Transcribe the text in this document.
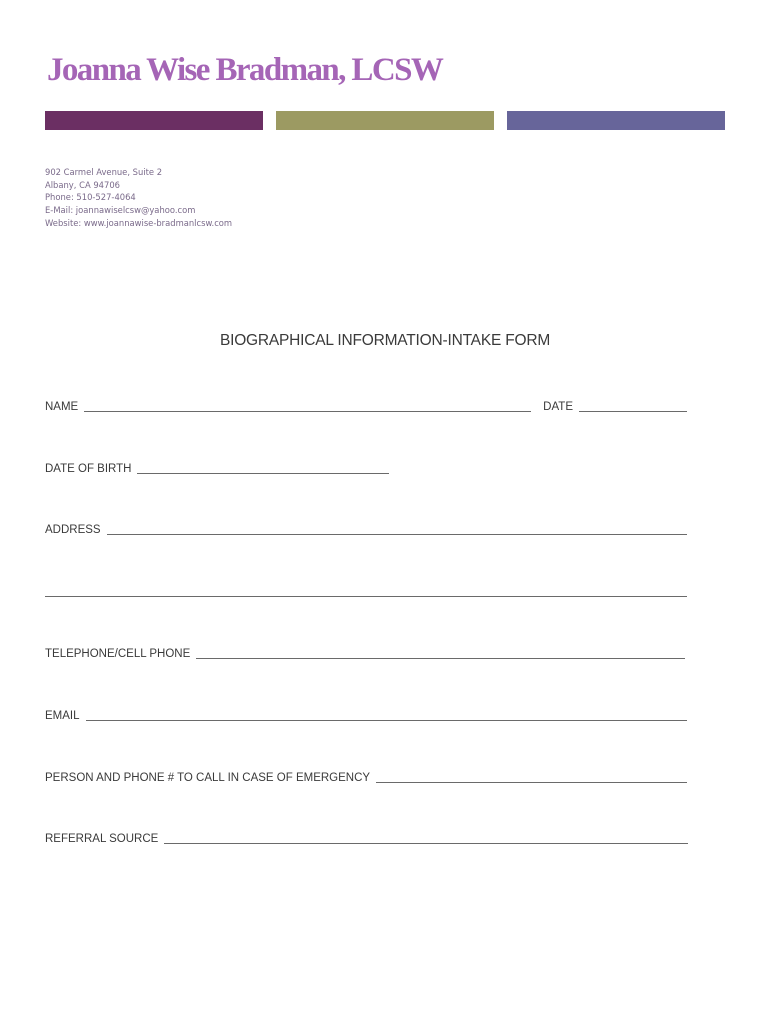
Joanna Wise Bradman, LCSW
902 Carmel Avenue, Suite 2
Albany, CA 94706
Phone: 510-527-4064
E-Mail: joannawiselcsw@yahoo.com
Website: www.joannawise-bradmanlcsw.com
BIOGRAPHICAL INFORMATION-INTAKE FORM
NAME	DATE
DATE OF BIRTH
ADDRESS
TELEPHONE/CELL PHONE
EMAIL
PERSON AND PHONE # TO CALL IN CASE OF EMERGENCY
REFERRAL SOURCE
